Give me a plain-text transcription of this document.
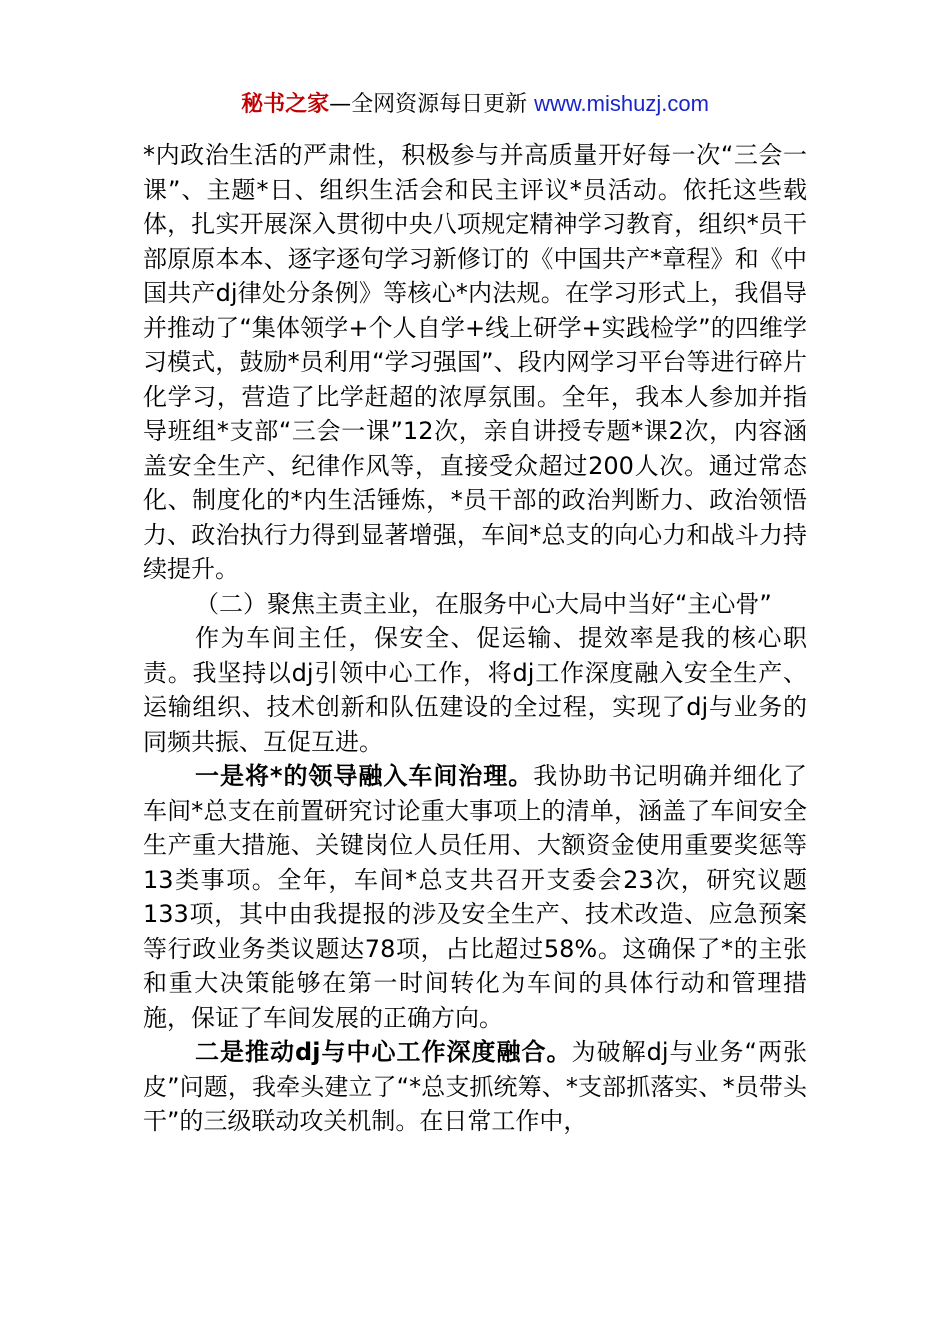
秘书之家—全网资源每日更新 www.mishuzj.com

*内政治生活的严肃性，积极参与并高质量开好每一次“三会一课”、主题*日、组织生活会和民主评议*员活动。依托这些载体，扎实开展深入贯彻中央八项规定精神学习教育，组织*员干部原原本本、逐字逐句学习新修订的《中国共产*章程》和《中国共产dj律处分条例》等核心*内法规。在学习形式上，我倡导并推动了“集体领学+个人自学+线上研学+实践检学”的四维学习模式，鼓励*员利用“学习强国”、段内网学习平台等进行碎片化学习，营造了比学赶超的浓厚氛围。全年，我本人参加并指导班组*支部“三会一课”12次，亲自讲授专题*课2次，内容涵盖安全生产、纪律作风等，直接受众超过200人次。通过常态化、制度化的*内生活锤炼，*员干部的政治判断力、政治领悟力、政治执行力得到显著增强，车间*总支的向心力和战斗力持续提升。

（二）聚焦主责主业，在服务中心大局中当好“主心骨”

作为车间主任，保安全、促运输、提效率是我的核心职责。我坚持以dj引领中心工作，将dj工作深度融入安全生产、运输组织、技术创新和队伍建设的全过程，实现了dj与业务的同频共振、互促互进。

一是将*的领导融入车间治理。我协助书记明确并细化了车间*总支在前置研究讨论重大事项上的清单，涵盖了车间安全生产重大措施、关键岗位人员任用、大额资金使用重要奖惩等13类事项。全年，车间*总支共召开支委会23次，研究议题133项，其中由我提报的涉及安全生产、技术改造、应急预案等行政业务类议题达78项，占比超过58%。这确保了*的主张和重大决策能够在第一时间转化为车间的具体行动和管理措施，保证了车间发展的正确方向。

二是推动dj与中心工作深度融合。为破解dj与业务“两张皮”问题，我牵头建立了“*总支抓统筹、*支部抓落实、*员带头干”的三级联动攻关机制。在日常工作中，
